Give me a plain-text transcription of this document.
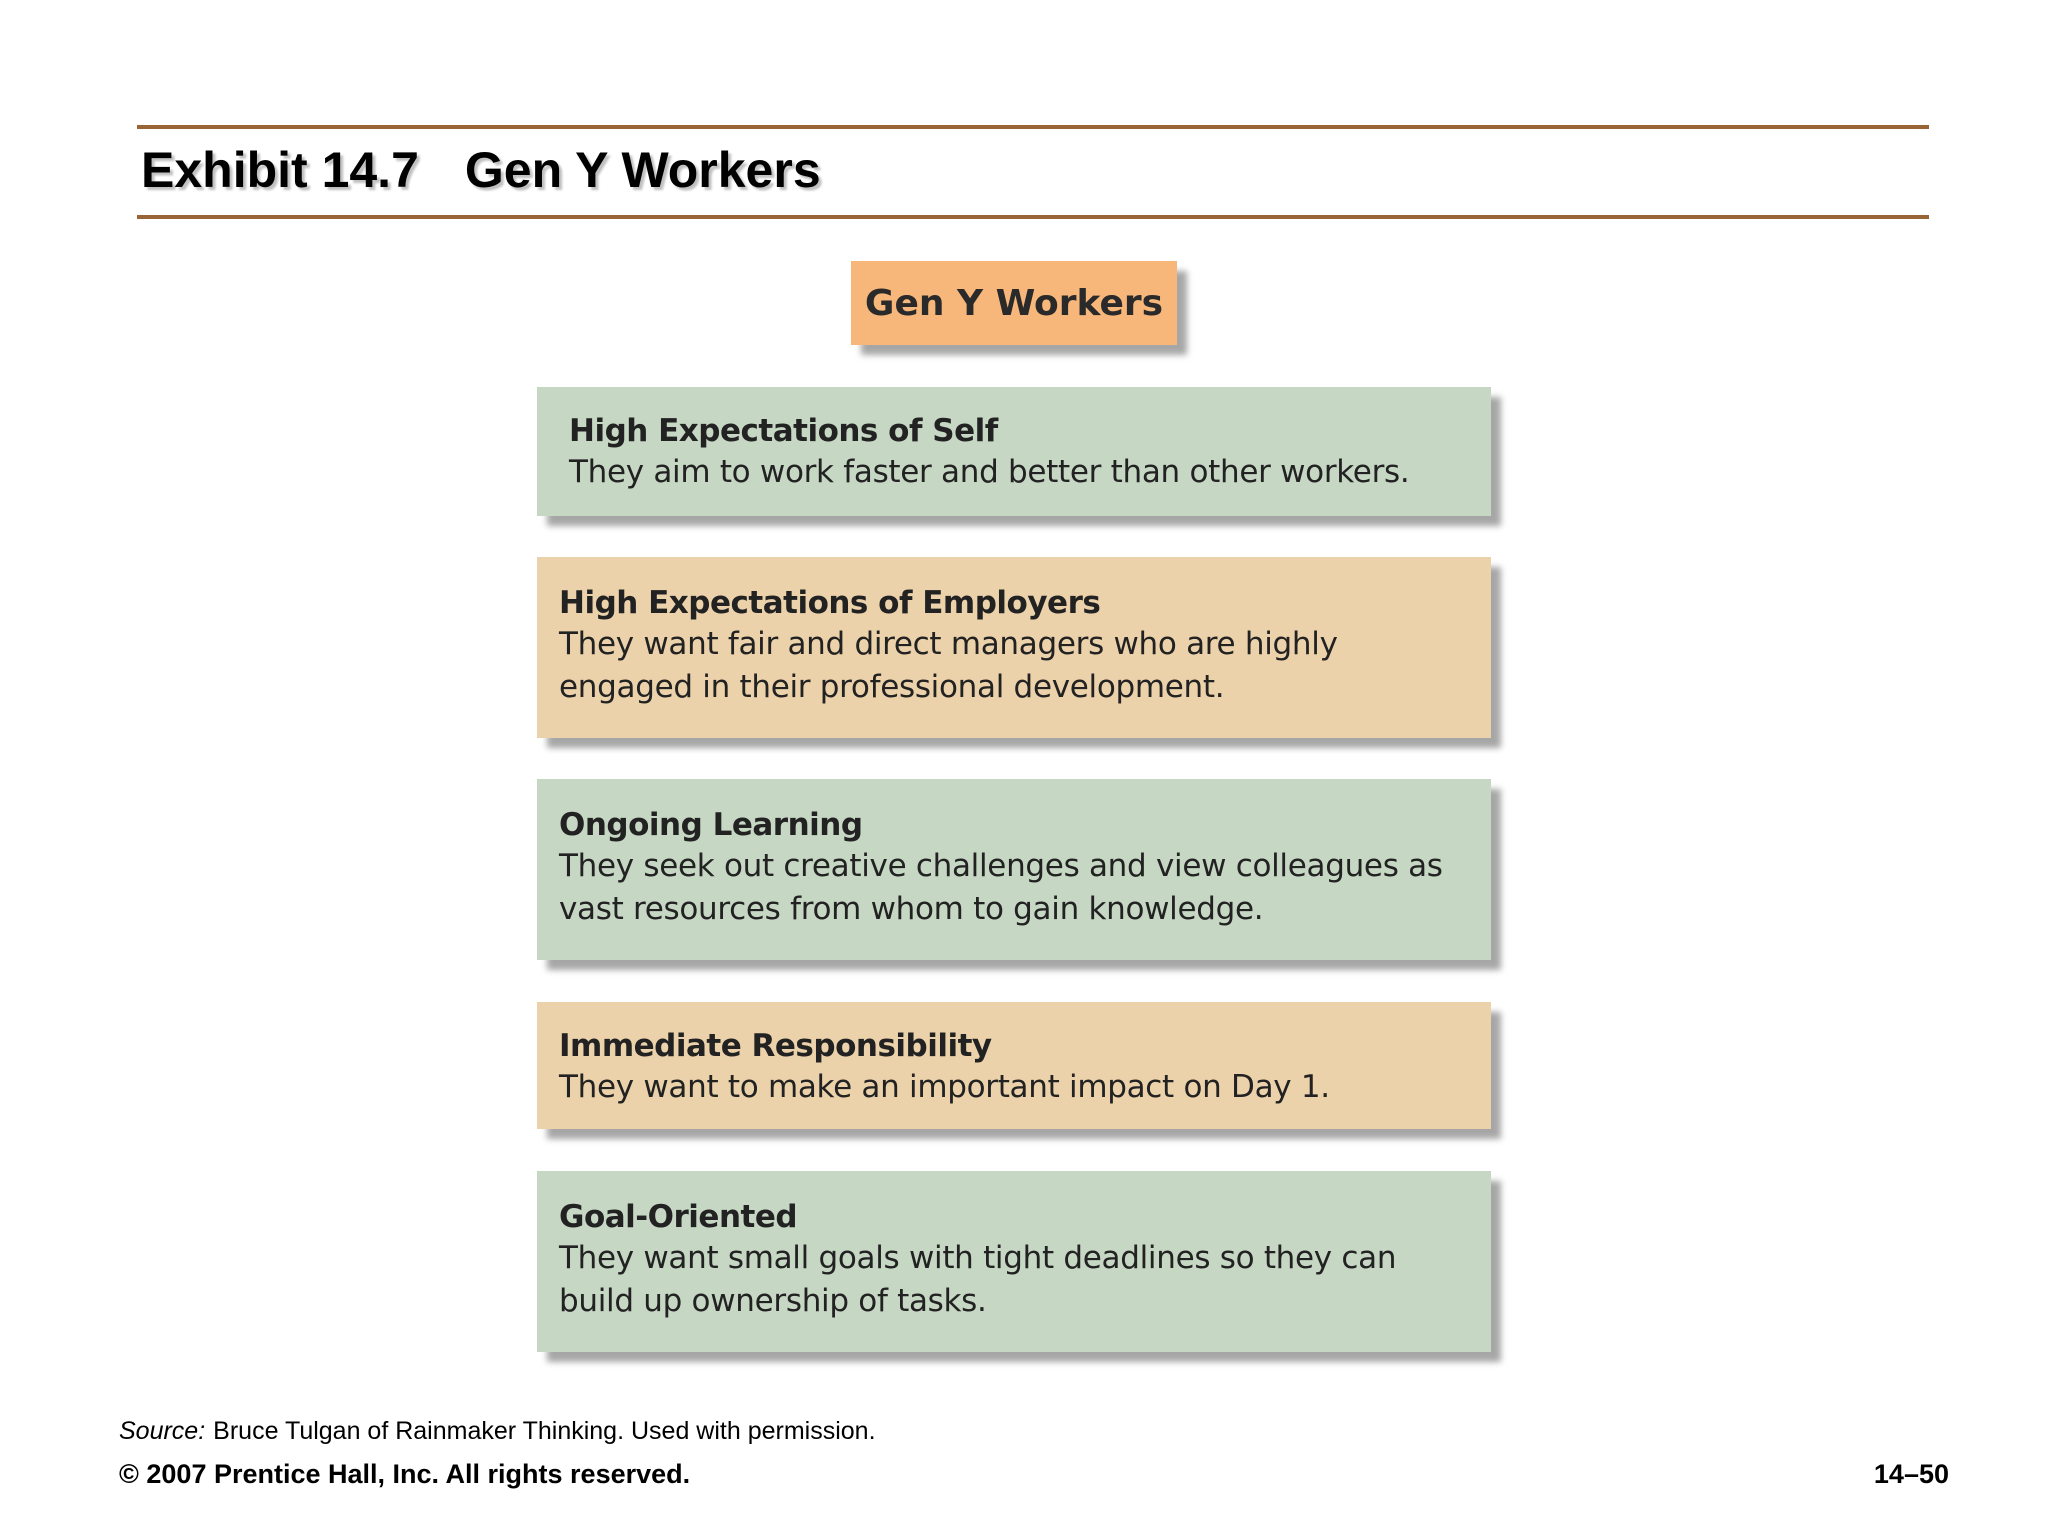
Exhibit 14.7 Gen Y Workers
Gen Y Workers
High Expectations of Self
They aim to work faster and better than other workers.
High Expectations of Employers
They want fair and direct managers who are highly engaged in their professional development.
Ongoing Learning
They seek out creative challenges and view colleagues as vast resources from whom to gain knowledge.
Immediate Responsibility
They want to make an important impact on Day 1.
Goal-Oriented
They want small goals with tight deadlines so they can build up ownership of tasks.
Source: Bruce Tulgan of Rainmaker Thinking. Used with permission.
© 2007 Prentice Hall, Inc. All rights reserved.	14–50
